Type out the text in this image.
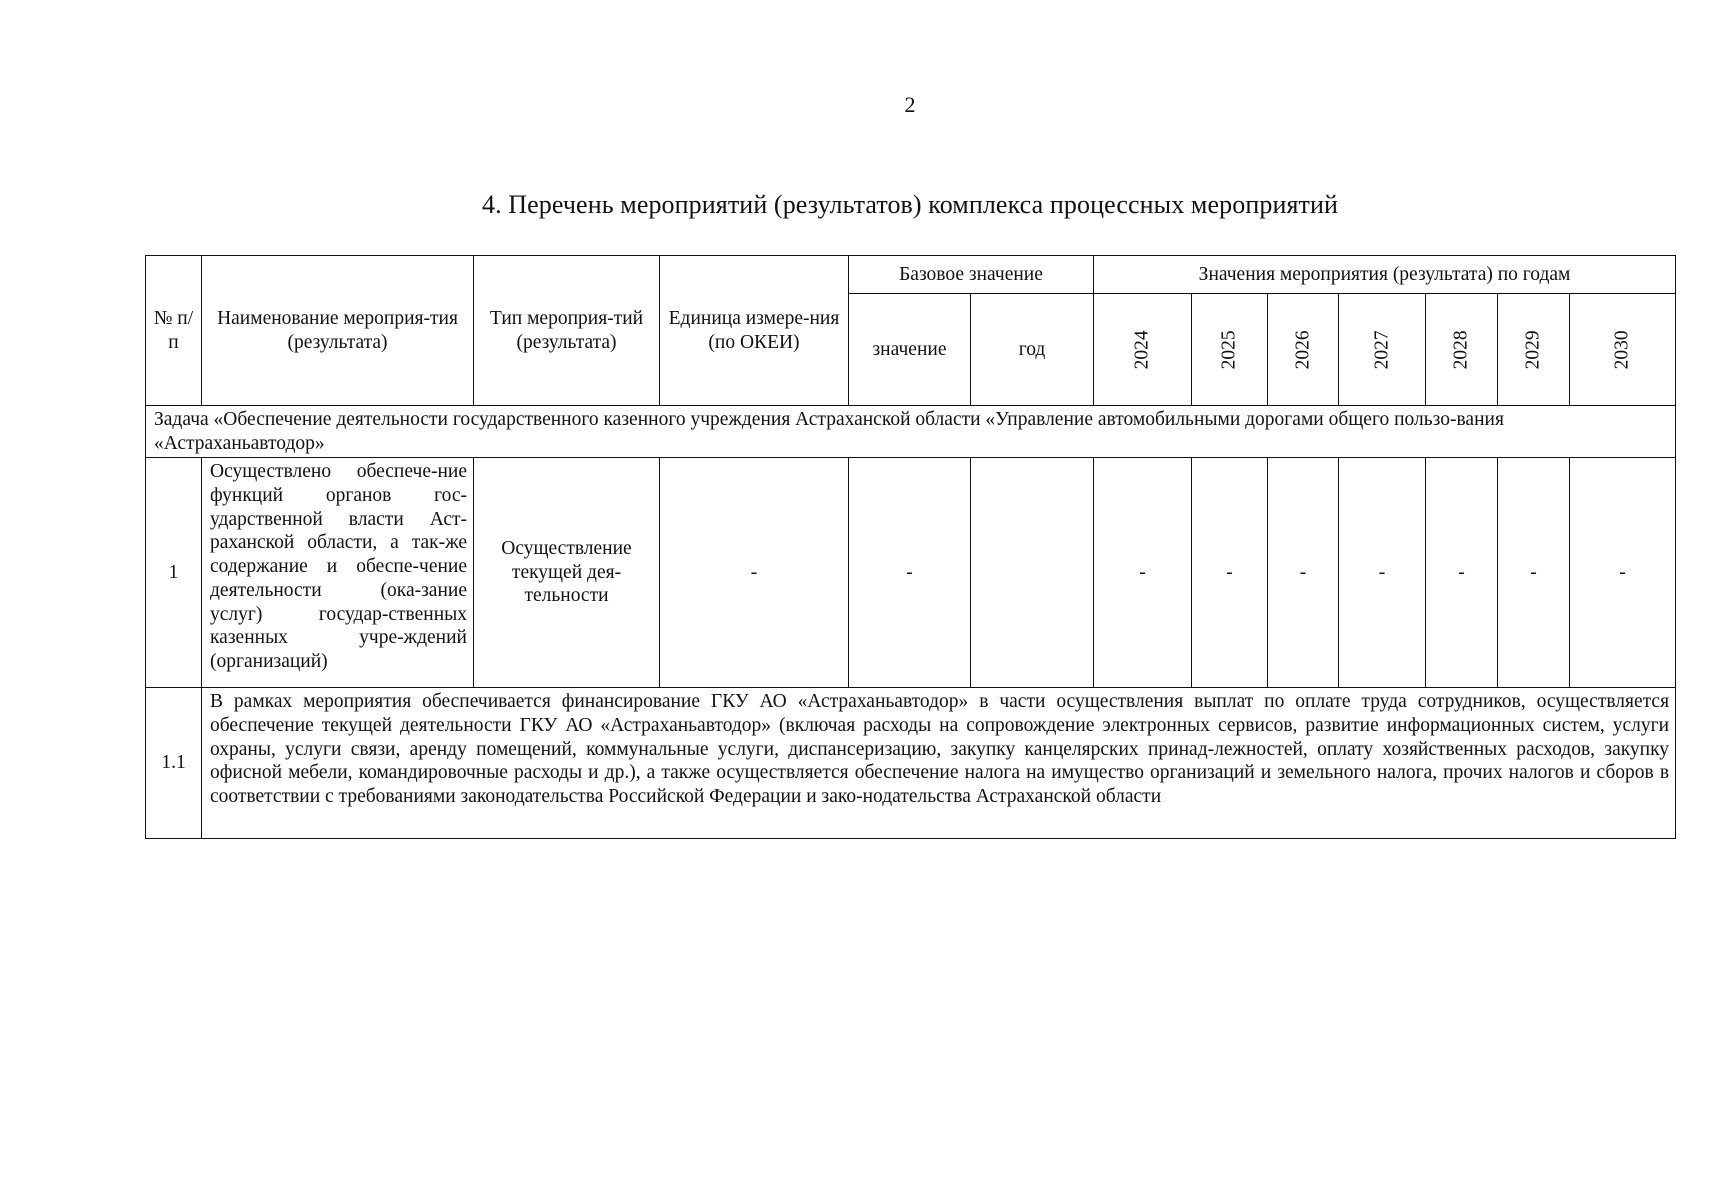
2
4. Перечень мероприятий (результатов) комплекса процессных мероприятий
№ п/п	Наименование мероприя-тия (результата)	Тип мероприя-тий (результата)	Единица измере-ния (по ОКЕИ)	Базовое значение		Значения мероприятия (результата) по годам						
				значение	год	2024	2025	2026	2027	2028	2029	2030
Задача «Обеспечение деятельности государственного казенного учреждения Астраханской области «Управление автомобильными дорогами общего пользо-вания «Астраханьавтодор»												
1	Осуществлено обеспече-ние функций органов гос-ударственной власти Аст-раханской области, а так-же содержание и обеспе-чение деятельности (ока-зание услуг) государ-ственных казенных учре-ждений (организаций)	Осуществление текущей дея-тельности	-	-		-	-	-	-	-	-	-
1.1	В рамках мероприятия обеспечивается финансирование ГКУ АО «Астраханьавтодор» в части осуществления выплат по оплате труда сотрудников, осуществляется обеспечение текущей деятельности ГКУ АО «Астраханьавтодор» (включая расходы на сопровождение электронных сервисов, развитие информационных систем, услуги охраны, услуги связи, аренду помещений, коммунальные услуги, диспансеризацию, закупку канцелярских принад-лежностей, оплату хозяйственных расходов, закупку офисной мебели, командировочные расходы и др.), а также осуществляется обеспечение налога на имущество организаций и земельного налога, прочих налогов и сборов в соответствии с требованиями законодательства Российской Федерации и зако-нодательства Астраханской области											
